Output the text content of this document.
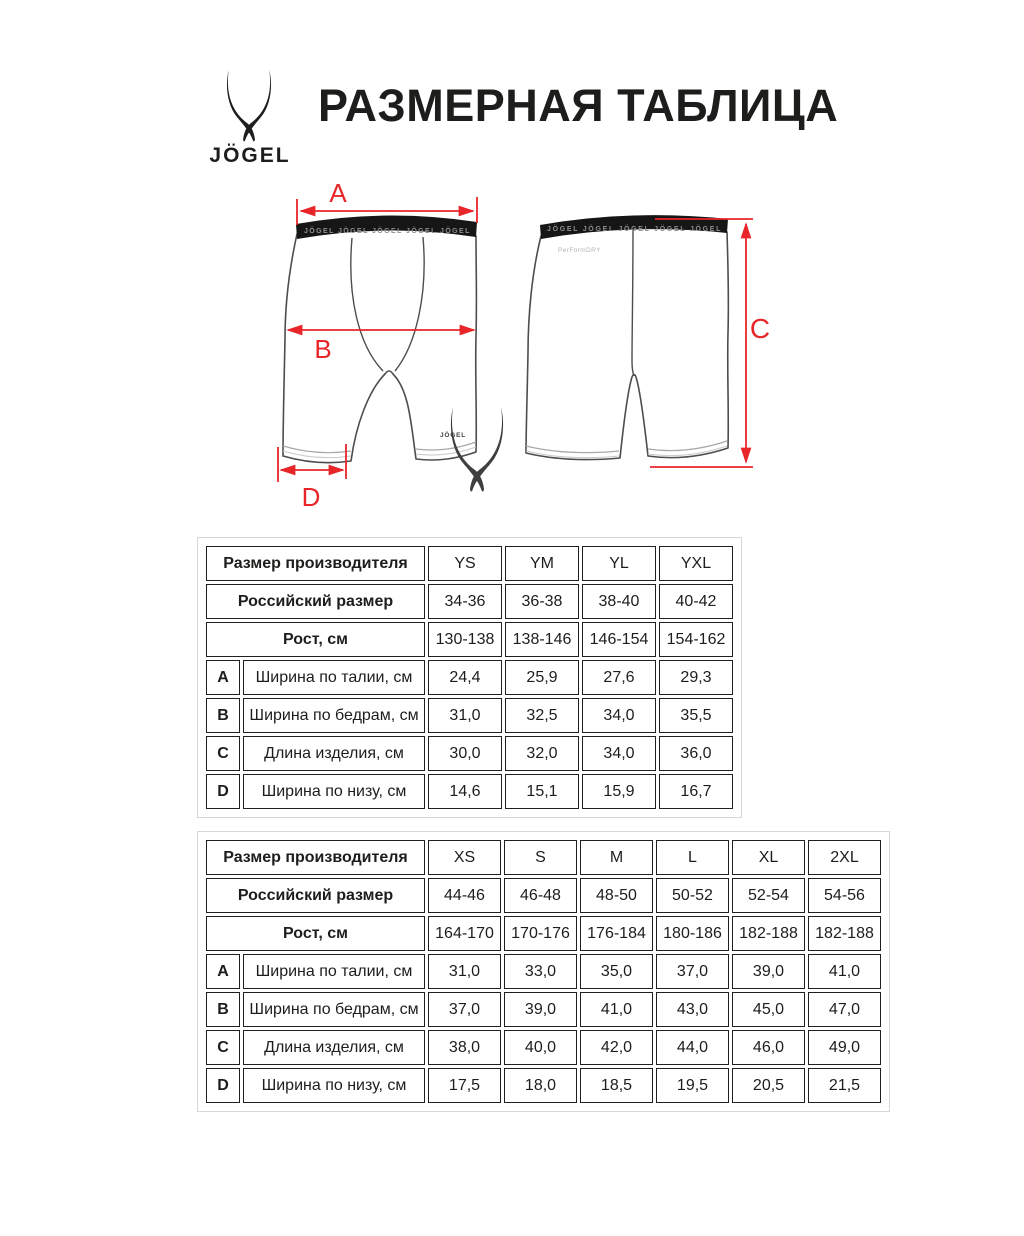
JÖGEL
РАЗМЕРНАЯ ТАБЛИЦА
JÖGEL JÖGEL JÖGEL JÖGEL JÖGEL
JÖGEL
A
B
D
JÖGEL JÖGEL JÖGEL JÖGEL JÖGEL
PerFormDRY
C
Размер производителя		YS	YM	YL	YXL
Российский размер		34-36	36-38	38-40	40-42
Рост, см		130-138	138-146	146-154	154-162
A	Ширина по талии, см	24,4	25,9	27,6	29,3
B	Ширина по бедрам, см	31,0	32,5	34,0	35,5
C	Длина изделия, см	30,0	32,0	34,0	36,0
D	Ширина по низу, см	14,6	15,1	15,9	16,7
Размер производителя		XS	S	M	L	XL	2XL
Российский размер		44-46	46-48	48-50	50-52	52-54	54-56
Рост, см		164-170	170-176	176-184	180-186	182-188	182-188
A	Ширина по талии, см	31,0	33,0	35,0	37,0	39,0	41,0
B	Ширина по бедрам, см	37,0	39,0	41,0	43,0	45,0	47,0
C	Длина изделия, см	38,0	40,0	42,0	44,0	46,0	49,0
D	Ширина по низу, см	17,5	18,0	18,5	19,5	20,5	21,5
